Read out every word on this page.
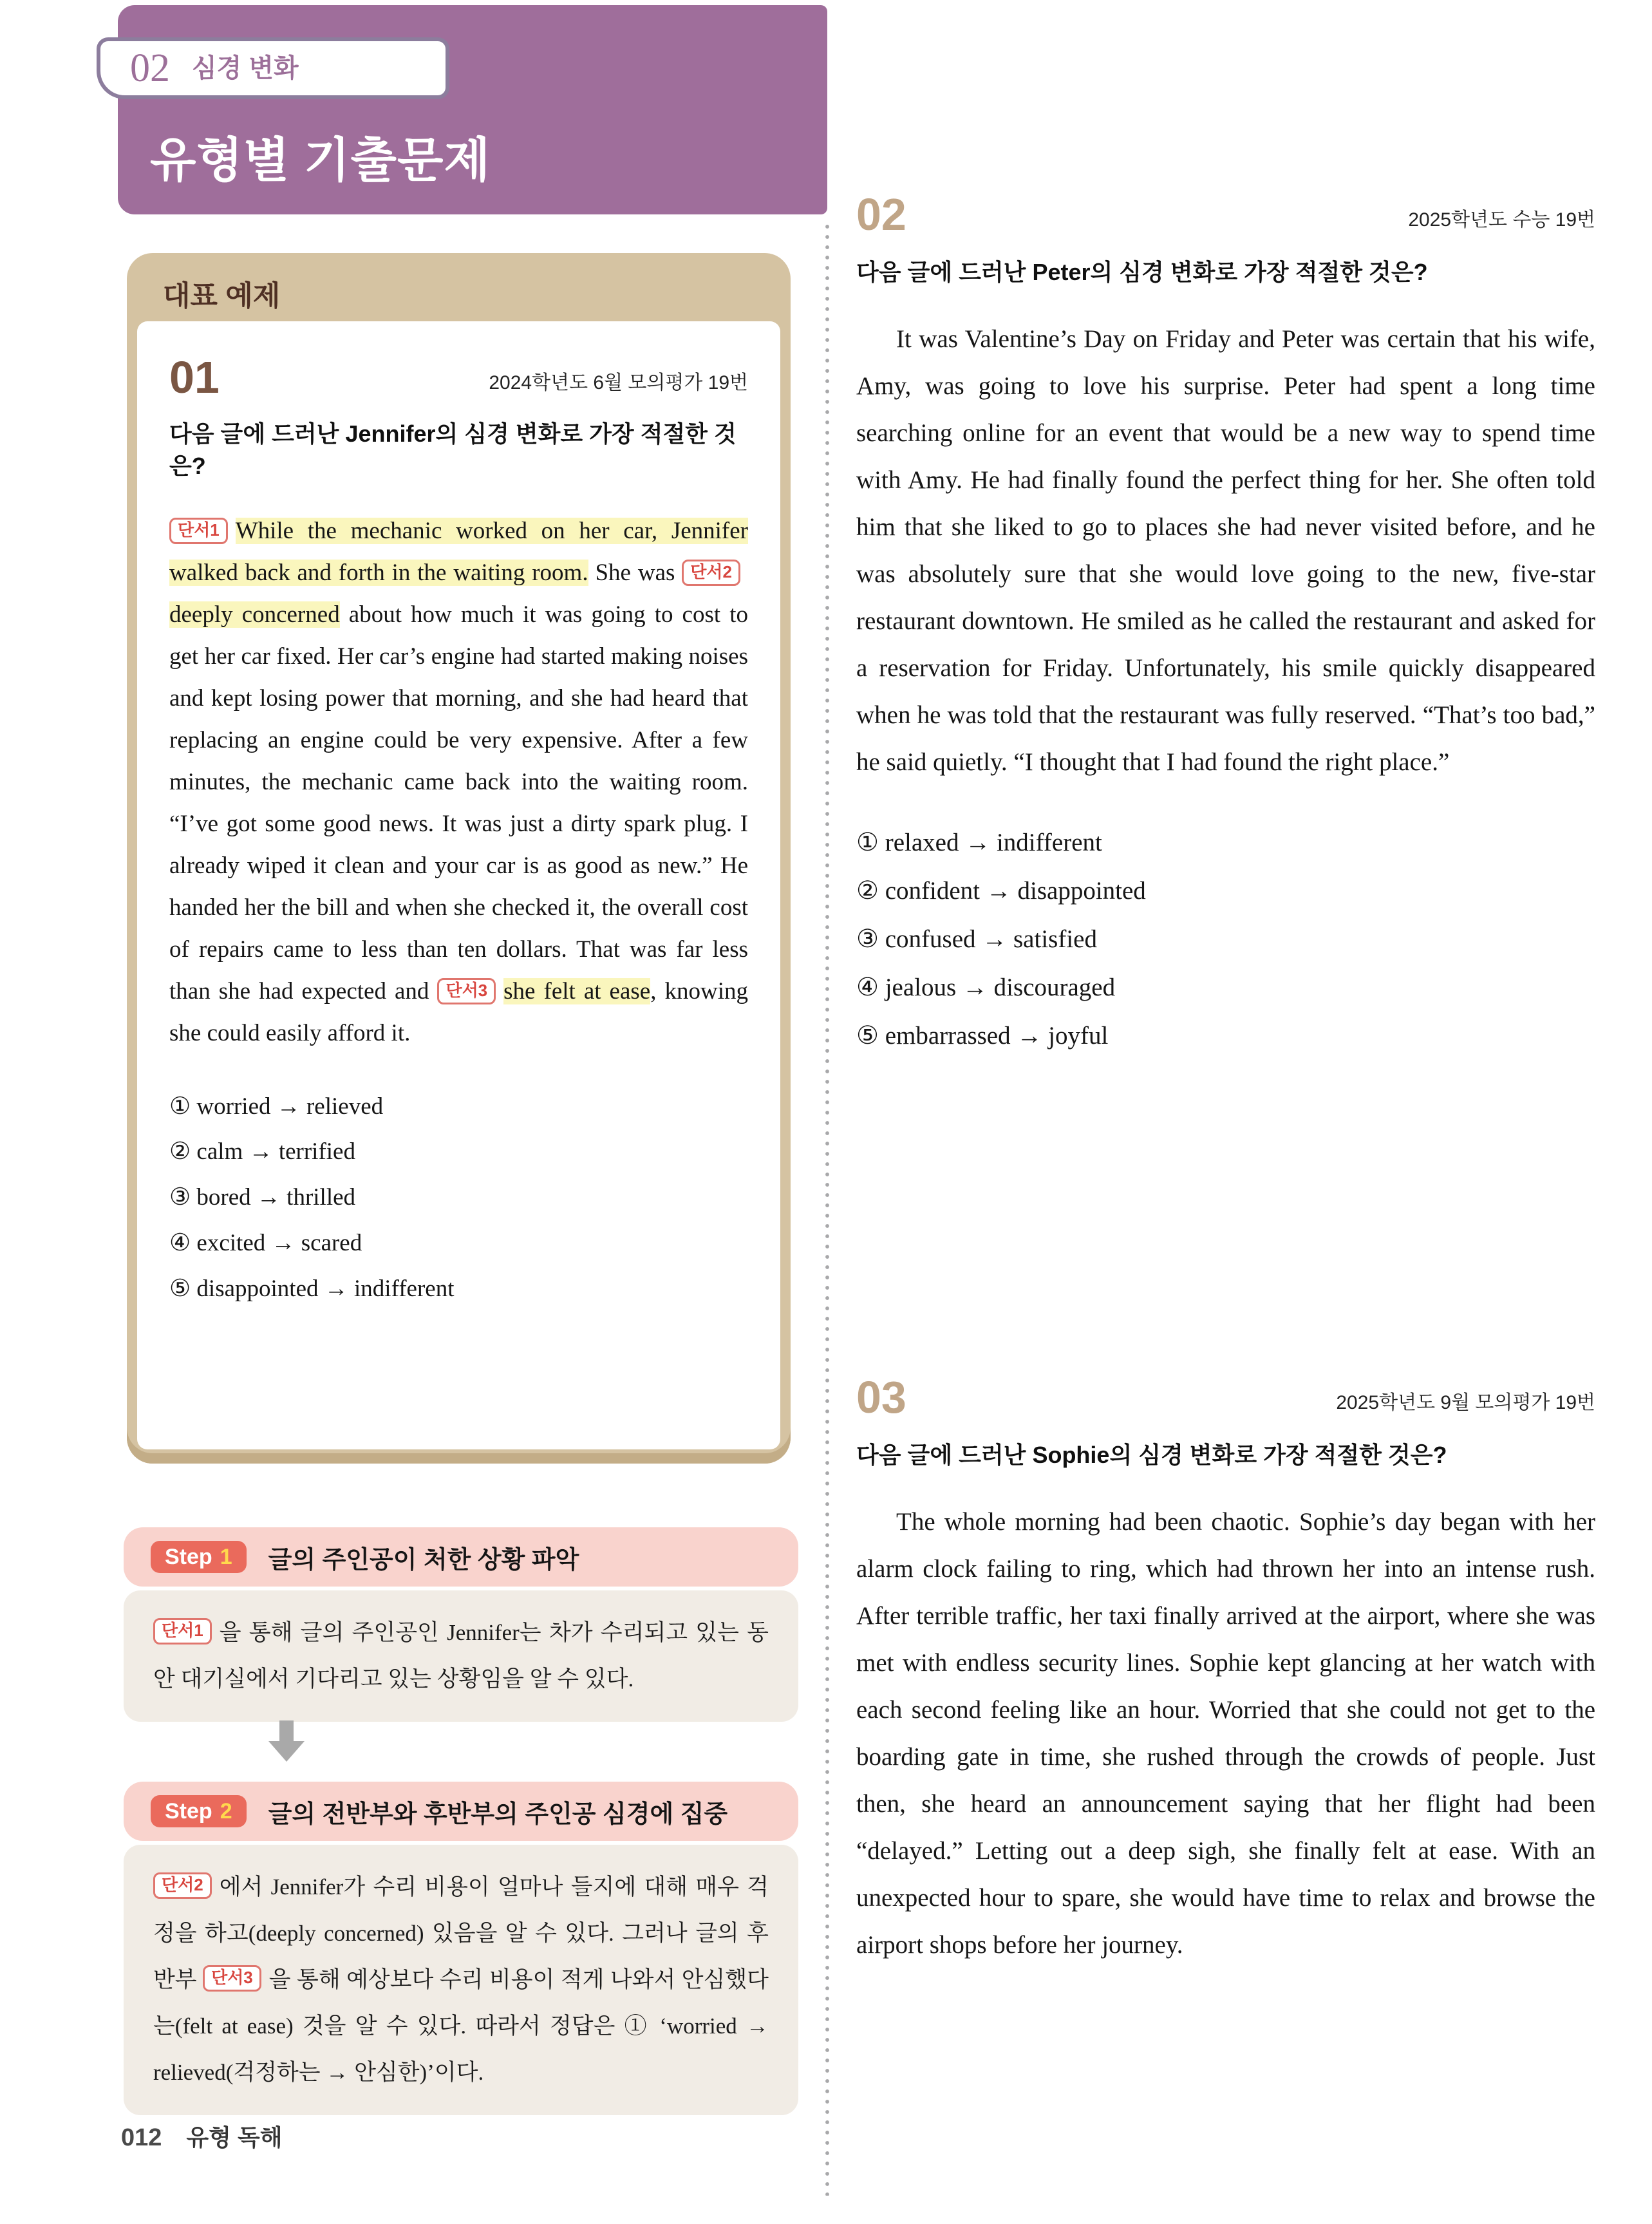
유형별 기출문제
02 심경 변화
대표 예제
01	2024학년도 6월 모의평가 19번
다음 글에 드러난 Jennifer의 심경 변화로 가장 적절한 것은?
단서1 While the mechanic worked on her car, Jennifer walked back and forth in the waiting room. She was 단서2deeply concerned about how much it was going to cost to get her car fixed. Her car’s engine had started making noises and kept losing power that morning, and she had heard that replacing an engine could be very expensive. After a few minutes, the mechanic came back into the waiting room. “I’ve got some good news. It was just a dirty spark plug. I already wiped it clean and your car is as good as new.” He handed her the bill and when she checked it, the overall cost of repairs came to less than ten dollars. That was far less than she had expected and 단서3 she felt at ease, knowing she could easily afford it.
① worried → relieved
② calm → terrified
③ bored → thrilled
④ excited → scared
⑤ disappointed → indifferent
Step 1	글의 주인공이 처한 상황 파악
단서1 을 통해 글의 주인공인 Jennifer는 차가 수리되고 있는 동안 대기실에서 기다리고 있는 상황임을 알 수 있다.
Step 2	글의 전반부와 후반부의 주인공 심경에 집중
단서2 에서 Jennifer가 수리 비용이 얼마나 들지에 대해 매우 걱정을 하고(deeply concerned) 있음을 알 수 있다. 그러나 글의 후반부 단서3 을 통해 예상보다 수리 비용이 적게 나와서 안심했다는(felt at ease) 것을 알 수 있다. 따라서 정답은 ① ‘worried → relieved(걱정하는 → 안심한)’이다.
012 유형 독해
02	2025학년도 수능 19번
다음 글에 드러난 Peter의 심경 변화로 가장 적절한 것은?
It was Valentine’s Day on Friday and Peter was certain that his wife, Amy, was going to love his surprise. Peter had spent a long time searching online for an event that would be a new way to spend time with Amy. He had finally found the perfect thing for her. She often told him that she liked to go to places she had never visited before, and he was absolutely sure that she would love going to the new, five-star restaurant downtown. He smiled as he called the restaurant and asked for a reservation for Friday. Unfortunately, his smile quickly disappeared when he was told that the restaurant was fully reserved. “That’s too bad,” he said quietly. “I thought that I had found the right place.”
① relaxed → indifferent
② confident → disappointed
③ confused → satisfied
④ jealous → discouraged
⑤ embarrassed → joyful
03	2025학년도 9월 모의평가 19번
다음 글에 드러난 Sophie의 심경 변화로 가장 적절한 것은?
The whole morning had been chaotic. Sophie’s day began with her alarm clock failing to ring, which had thrown her into an intense rush. After terrible traffic, her taxi finally arrived at the airport, where she was met with endless security lines. Sophie kept glancing at her watch with each second feeling like an hour. Worried that she could not get to the boarding gate in time, she rushed through the crowds of people. Just then, she heard an announcement saying that her flight had been “delayed.” Letting out a deep sigh, she finally felt at ease. With an unexpected hour to spare, she would have time to relax and browse the airport shops before her journey.
